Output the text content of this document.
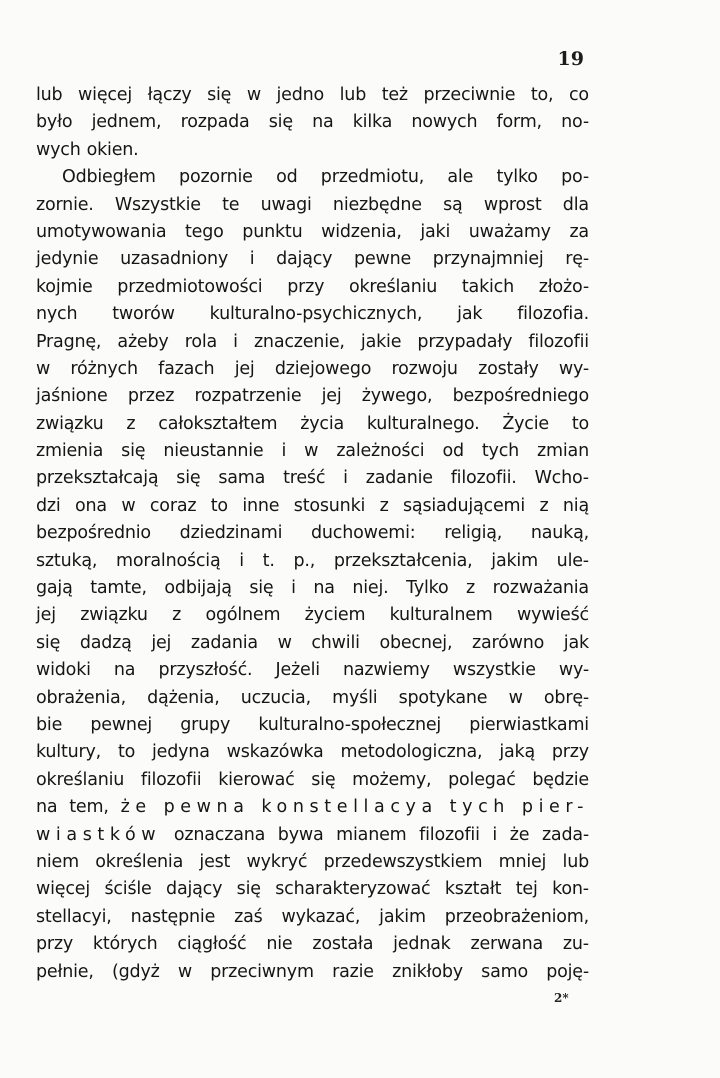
19
lub więcej łączy się w jedno lub też przeciwnie to, co
było jednem, rozpada się na kilka nowych form, no-
wych okien.
Odbiegłem pozornie od przedmiotu, ale tylko po-
zornie. Wszystkie te uwagi niezbędne są wprost dla
umotywowania tego punktu widzenia, jaki uważamy za
jedynie uzasadniony i dający pewne przynajmniej rę-
kojmie przedmiotowości przy określaniu takich złożo-
nych tworów kulturalno-psychicznych, jak filozofia.
Pragnę, ażeby rola i znaczenie, jakie przypadały filozofii
w różnych fazach jej dziejowego rozwoju zostały wy-
jaśnione przez rozpatrzenie jej żywego, bezpośredniego
związku z całokształtem życia kulturalnego. Życie to
zmienia się nieustannie i w zależności od tych zmian
przekształcają się sama treść i zadanie filozofii. Wcho-
dzi ona w coraz to inne stosunki z sąsiadującemi z nią
bezpośrednio dziedzinami duchowemi: religią, nauką,
sztuką, moralnością i t. p., przekształcenia, jakim ule-
gają tamte, odbijają się i na niej. Tylko z rozważania
jej związku z ogólnem życiem kulturalnem wywieść
się dadzą jej zadania w chwili obecnej, zarówno jak
widoki na przyszłość. Jeżeli nazwiemy wszystkie wy-
obrażenia, dążenia, uczucia, myśli spotykane w obrę-
bie pewnej grupy kulturalno-społecznej pierwiastkami
kultury, to jedyna wskazówka metodologiczna, jaką przy
określaniu filozofii kierować się możemy, polegać będzie
na tem, że pewna konstellacya tych pier-
wiastków oznaczana bywa mianem filozofii i że zada-
niem określenia jest wykryć przedewszystkiem mniej lub
więcej ściśle dający się scharakteryzować kształt tej kon-
stellacyi, następnie zaś wykazać, jakim przeobrażeniom,
przy których ciągłość nie została jednak zerwana zu-
pełnie, (gdyż w przeciwnym razie znikłoby samo poję-
2*
